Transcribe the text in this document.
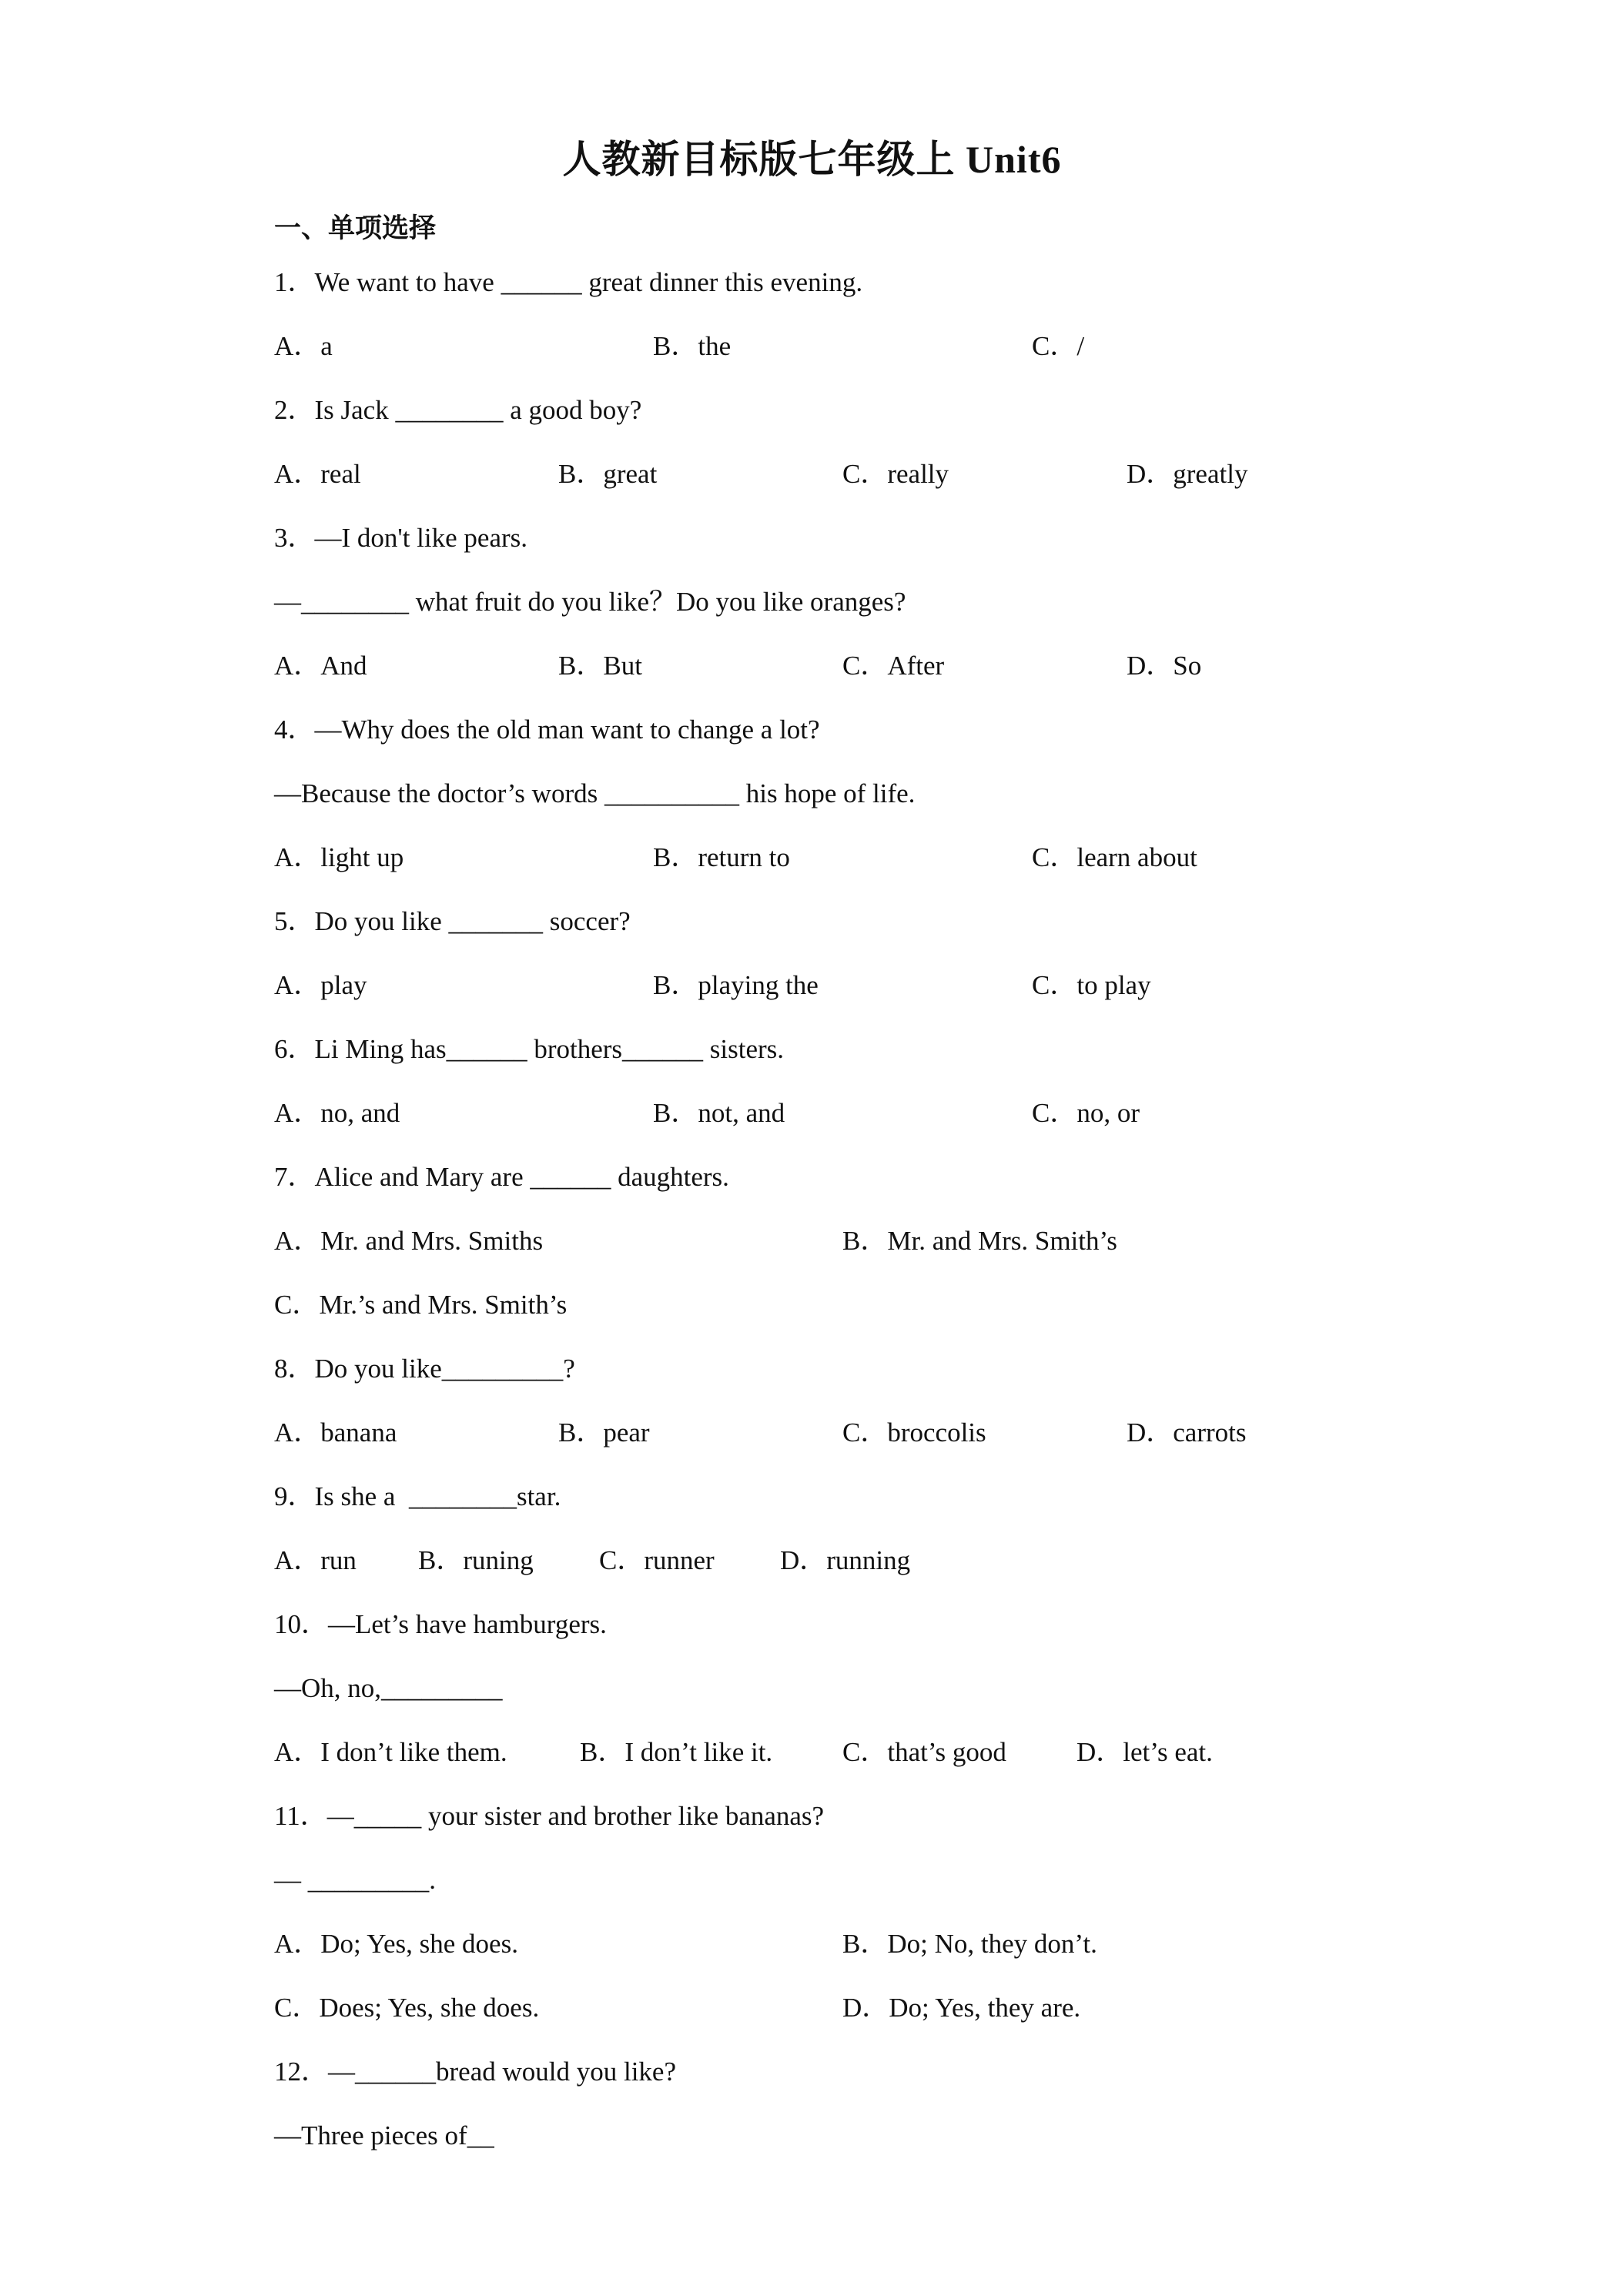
人教新目标版七年级上 Unit6
一、单项选择
1．We want to have ______ great dinner this evening.
A．a	B．the	C．/
2．Is Jack ________ a good boy?
A．real	B．great	C．really	D．greatly
3．—I don't like pears.
—________ what fruit do you like？Do you like oranges?
A．And	B．But	C．After	D．So
4．—Why does the old man want to change a lot?
—Because the doctor’s words __________ his hope of life.
A．light up	B．return to	C．learn about
5．Do you like _______ soccer?
A．play	B．playing the	C．to play
6．Li Ming has______ brothers______ sisters.
A．no, and	B．not, and	C．no, or
7．Alice and Mary are ______ daughters.
A．Mr. and Mrs. Smiths	B．Mr. and Mrs. Smith’s
C．Mr.’s and Mrs. Smith’s
8．Do you like_________?
A．banana	B．pear	C．broccolis	D．carrots
9．Is she a  ________star.
A．run B．runing C．runner D．running
10．—Let’s have hamburgers.
—Oh, no,_________
A．I don’t like them.	B．I don’t like it.	C．that’s good	D．let’s eat.
11．—_____ your sister and brother like bananas?
— _________.
A．Do; Yes, she does.	B．Do; No, they don’t.
C．Does; Yes, she does.	D．Do; Yes, they are.
12．—______bread would you like?
—Three pieces of__
